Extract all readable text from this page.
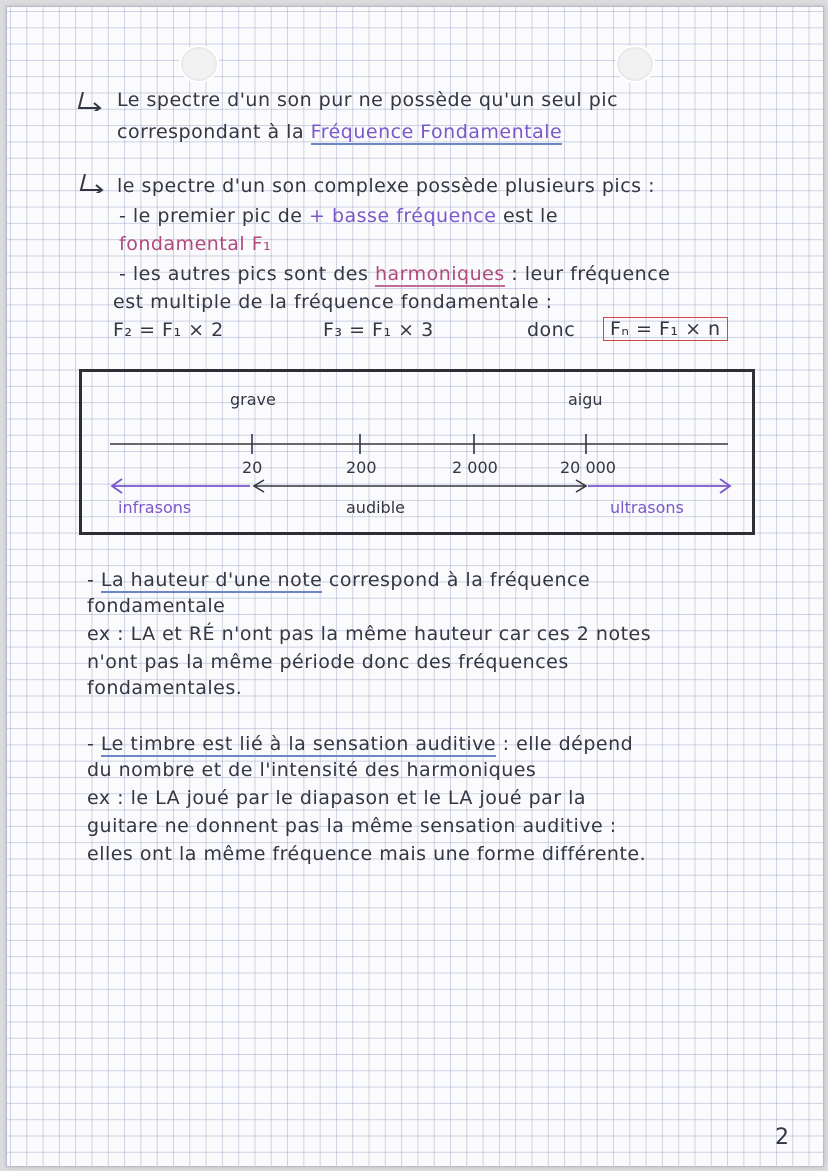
Le spectre d'un son pur ne possède qu'un seul pic
correspondant à la Fréquence Fondamentale
le spectre d'un son complexe possède plusieurs pics :
- le premier pic de + basse fréquence est le
fondamental F₁
- les autres pics sont des harmoniques : leur fréquence
est multiple de la fréquence fondamentale :
F₂ = F₁ × 2	F₃ = F₁ × 3	donc	Fₙ = F₁ × n
grave	aigu
20	200	2 000	20 000
infrasons	audible	ultrasons
- La hauteur d'une note correspond à la fréquence
fondamentale
ex : LA et RÉ n'ont pas la même hauteur car ces 2 notes
n'ont pas la même période donc des fréquences
fondamentales.
- Le timbre est lié à la sensation auditive : elle dépend
du nombre et de l'intensité des harmoniques
ex : le LA joué par le diapason et le LA joué par la
guitare ne donnent pas la même sensation auditive :
elles ont la même fréquence mais une forme différente.
2
